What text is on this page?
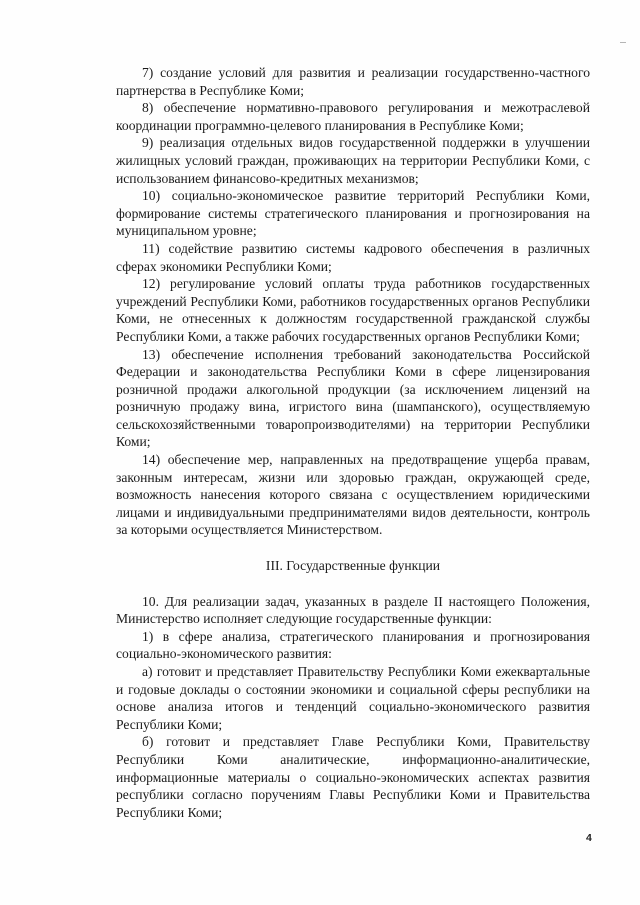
7) создание условий для развития и реализации государственно-частного партнерства в Республике Коми;

8) обеспечение нормативно-правового регулирования и межотраслевой координации программно-целевого планирования в Республике Коми;

9) реализация отдельных видов государственной поддержки в улучшении жилищных условий граждан, проживающих на территории Республики Коми, с использованием финансово-кредитных механизмов;

10) социально-экономическое развитие территорий Республики Коми, формирование системы стратегического планирования и прогнозирования на муниципальном уровне;

11) содействие развитию системы кадрового обеспечения в различных сферах экономики Республики Коми;

12) регулирование условий оплаты труда работников государственных учреждений Республики Коми, работников государственных органов Республики Коми, не отнесенных к должностям государственной гражданской службы Республики Коми, а также рабочих государственных органов Республики Коми;

13) обеспечение исполнения требований законодательства Российской Федерации и законодательства Республики Коми в сфере лицензирования розничной продажи алкогольной продукции (за исключением лицензий на розничную продажу вина, игристого вина (шампанского), осуществляемую сельскохозяйственными товаропроизводителями) на территории Республики Коми;

14) обеспечение мер, направленных на предотвращение ущерба правам, законным интересам, жизни или здоровью граждан, окружающей среде, возможность нанесения которого связана с осуществлением юридическими лицами и индивидуальными предпринимателями видов деятельности, контроль за которыми осуществляется Министерством.

III. Государственные функции

10. Для реализации задач, указанных в разделе II настоящего Положения, Министерство исполняет следующие государственные функции:

1) в сфере анализа, стратегического планирования и прогнозирования социально-экономического развития:

а) готовит и представляет Правительству Республики Коми ежеквартальные и годовые доклады о состоянии экономики и социальной сферы республики на основе анализа итогов и тенденций социально-экономического развития Республики Коми;

б) готовит и представляет Главе Республики Коми, Правительству Республики Коми аналитические, информационно-аналитические, информационные материалы о социально-экономических аспектах развития республики согласно поручениям Главы Республики Коми и Правительства Республики Коми;

4
